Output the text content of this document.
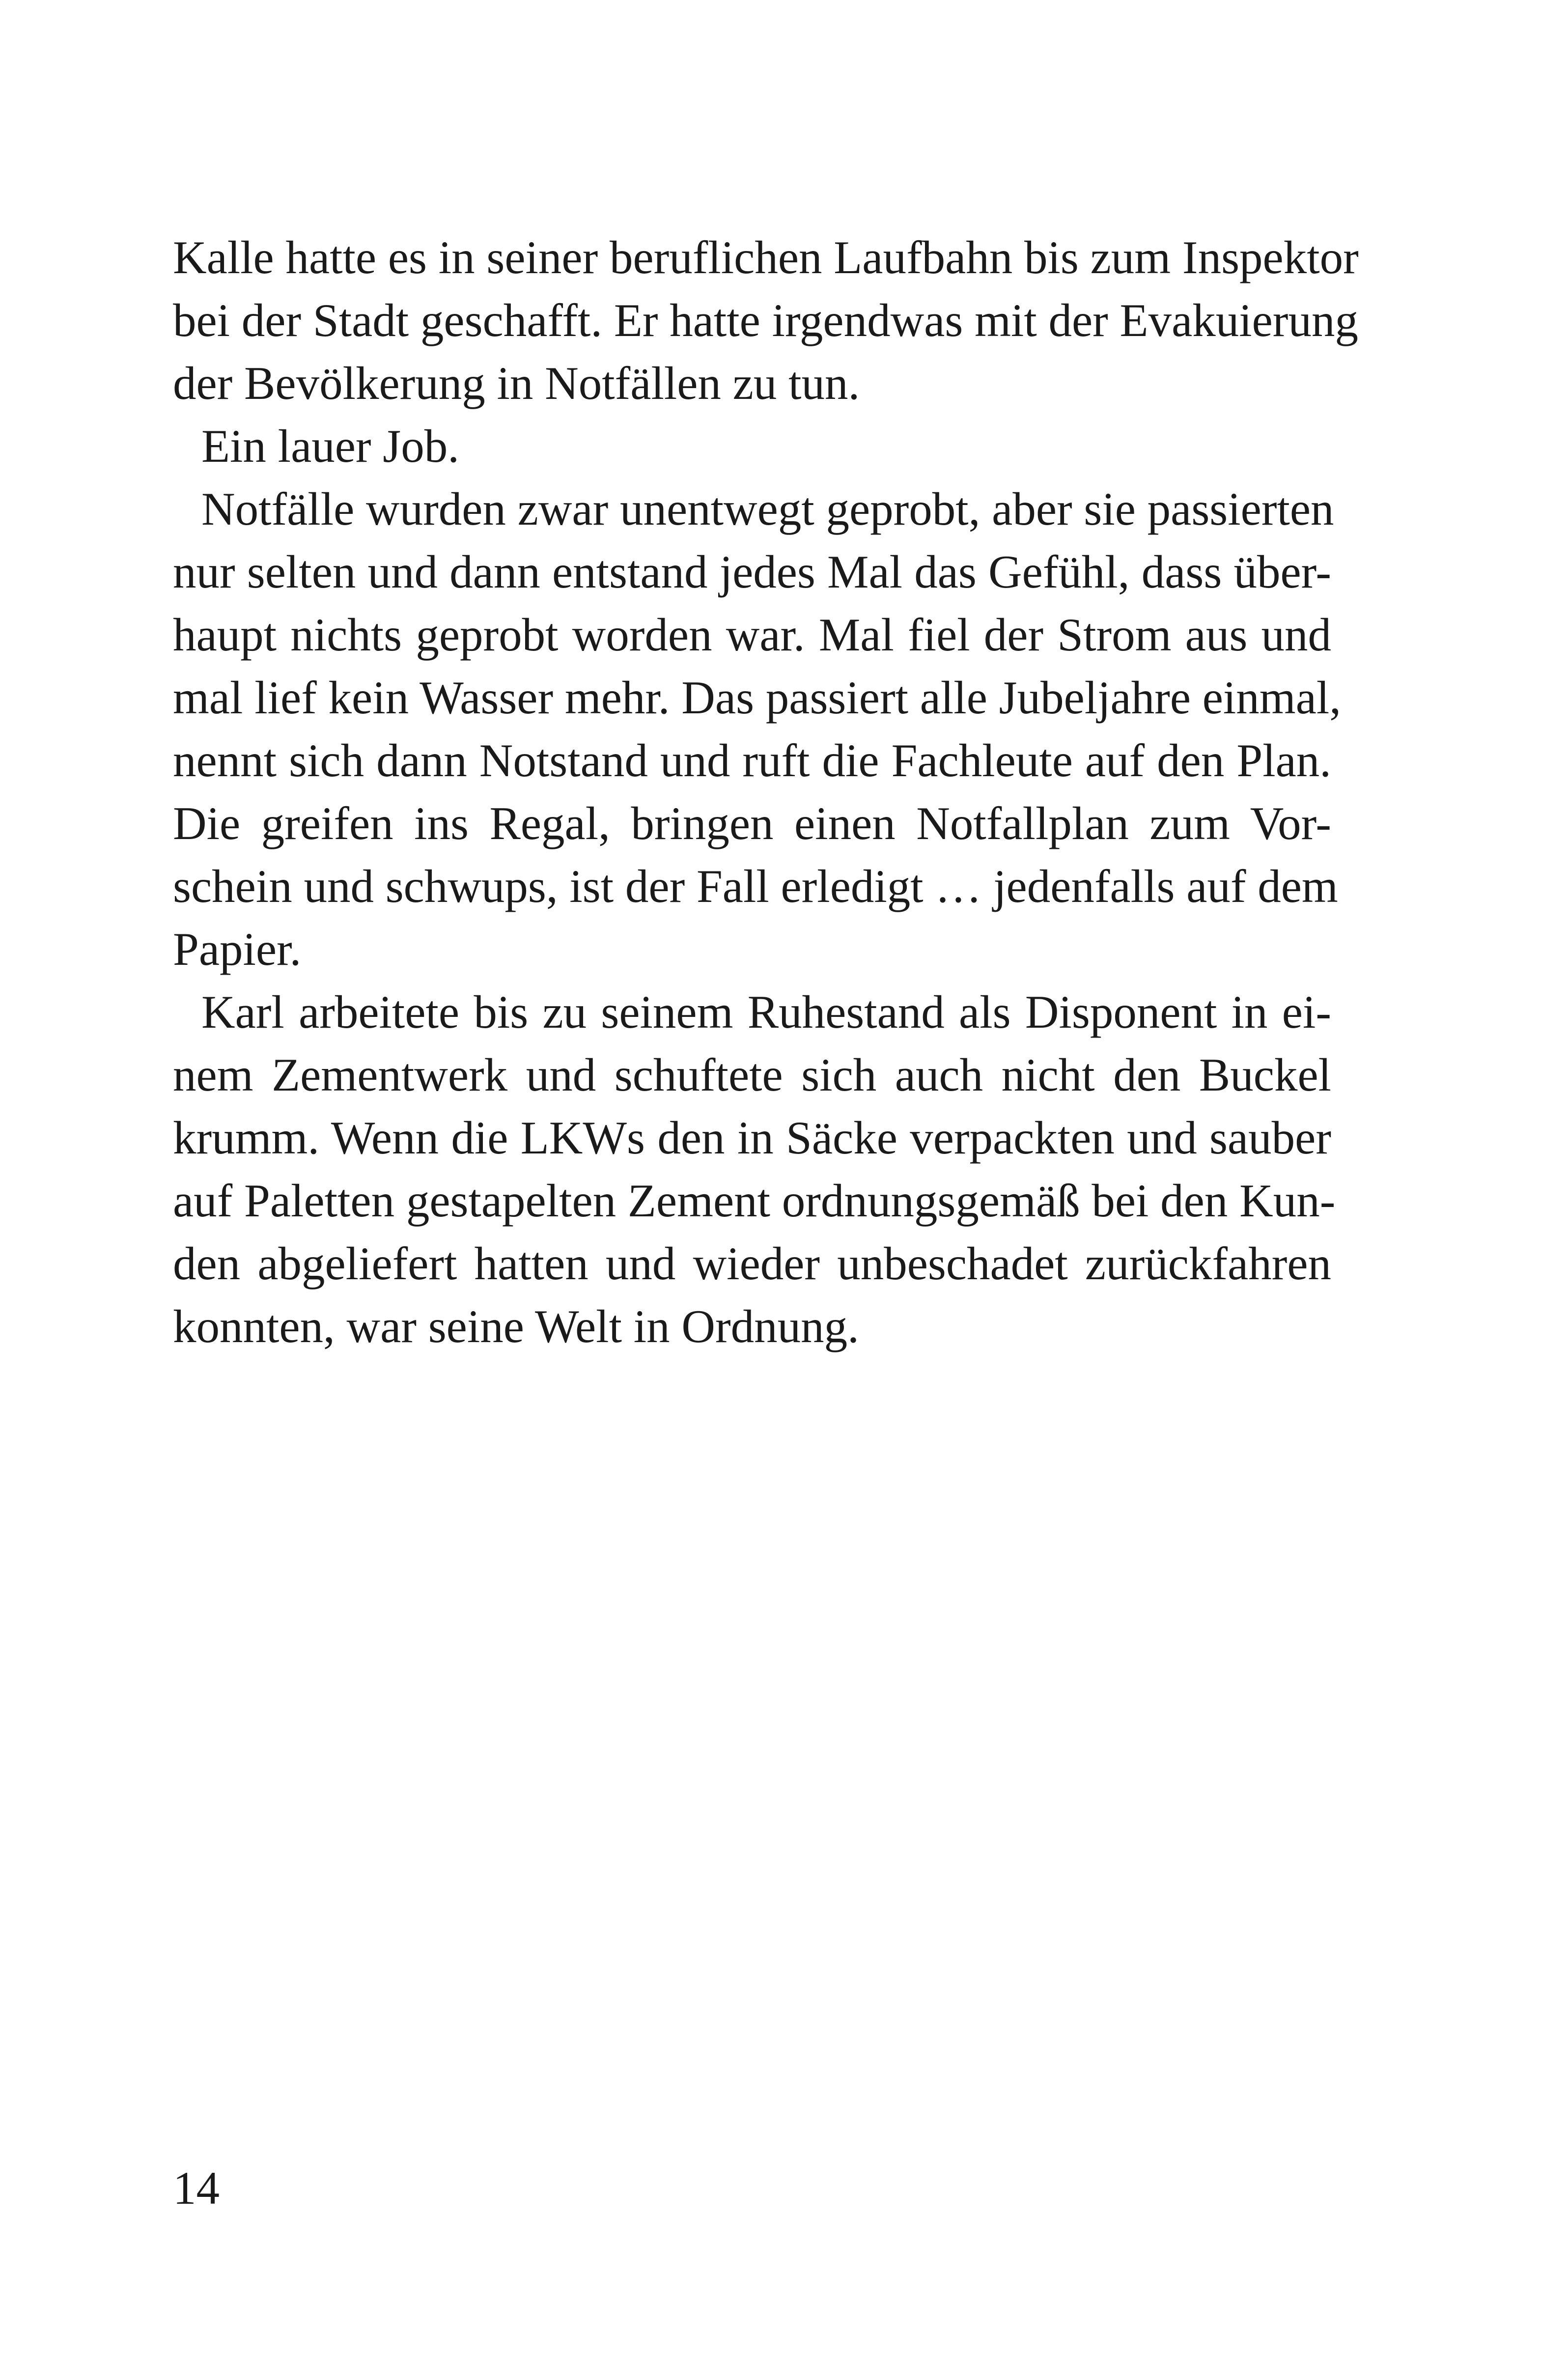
Kalle hatte es in seiner beruflichen Laufbahn bis zum Inspektor
bei der Stadt geschafft. Er hatte irgendwas mit der Evakuierung
der Bevölkerung in Notfällen zu tun.
Ein lauer Job.
Notfälle wurden zwar unentwegt geprobt, aber sie passierten
nur selten und dann entstand jedes Mal das Gefühl, dass über-
haupt nichts geprobt worden war. Mal fiel der Strom aus und
mal lief kein Wasser mehr. Das passiert alle Jubeljahre einmal,
nennt sich dann Notstand und ruft die Fachleute auf den Plan.
Die greifen ins Regal, bringen einen Notfallplan zum Vor-
schein und schwups, ist der Fall erledigt … jedenfalls auf dem
Papier.
Karl arbeitete bis zu seinem Ruhestand als Disponent in ei-
nem Zementwerk und schuftete sich auch nicht den Buckel
krumm. Wenn die LKWs den in Säcke verpackten und sauber
auf Paletten gestapelten Zement ordnungsgemäß bei den Kun-
den abgeliefert hatten und wieder unbeschadet zurückfahren
konnten, war seine Welt in Ordnung.
14
